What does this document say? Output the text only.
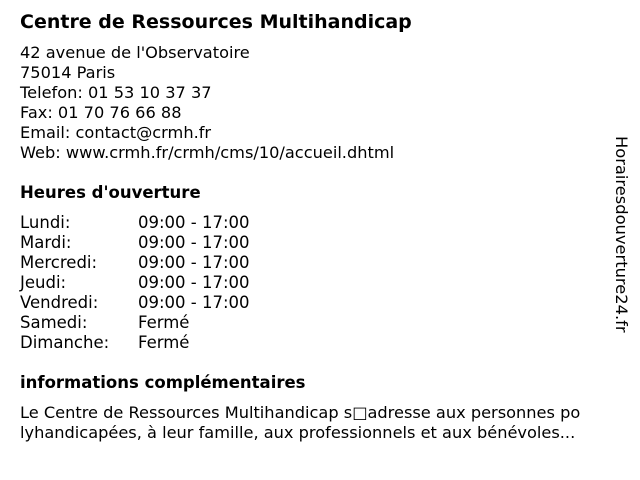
Centre de Ressources Multihandicap
42 avenue de l'Observatoire
75014 Paris
Telefon: 01 53 10 37 37
Fax: 01 70 76 66 88
Email: contact@crmh.fr
Web: www.crmh.fr/crmh/cms/10/accueil.dhtml
Heures d'ouverture
Lundi:	09:00 - 17:00
Mardi:	09:00 - 17:00
Mercredi: 09:00 - 17:00
Jeudi:	09:00 - 17:00
Vendredi: 09:00 - 17:00
Samedi:	Fermé
Dimanche: Fermé
informations complémentaires
Le Centre de Ressources Multihandicap s□adresse aux personnes po
lyhandicapées, à leur famille, aux professionnels et aux bénévoles...
Horairesdouverture24.fr
